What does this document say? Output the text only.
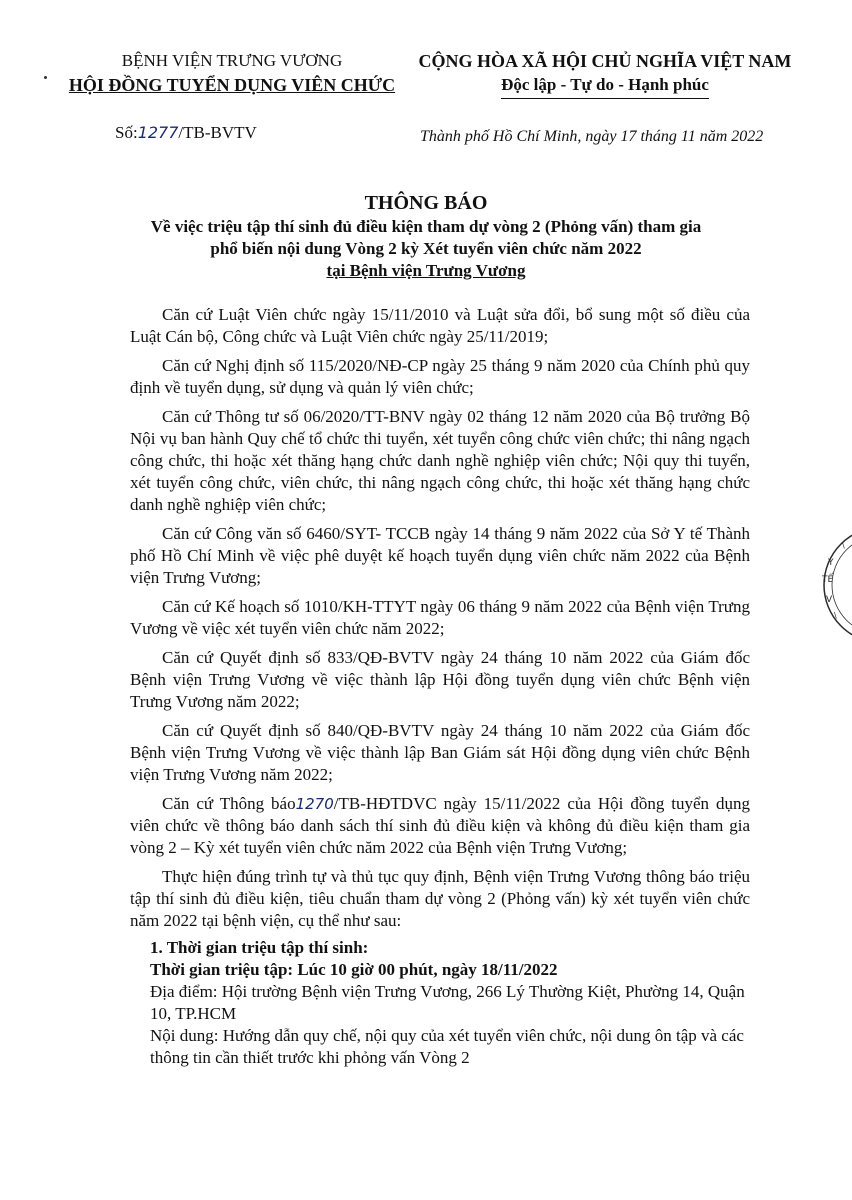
BỆNH VIỆN TRƯNG VƯƠNG
HỘI ĐỒNG TUYỂN DỤNG VIÊN CHỨC
CỘNG HÒA XÃ HỘI CHỦ NGHĨA VIỆT NAM
Độc lập - Tự do - Hạnh phúc
Số:1277/TB-BVTV	Thành phố Hồ Chí Minh, ngày 17 tháng 11 năm 2022
THÔNG BÁO
Về việc triệu tập thí sinh đủ điều kiện tham dự vòng 2 (Phỏng vấn) tham gia
phổ biến nội dung Vòng 2 kỳ Xét tuyển viên chức năm 2022
tại Bệnh viện Trưng Vương

Căn cứ Luật Viên chức ngày 15/11/2010 và Luật sửa đổi, bổ sung một số điều của Luật Cán bộ, Công chức và Luật Viên chức ngày 25/11/2019;

Căn cứ Nghị định số 115/2020/NĐ-CP ngày 25 tháng 9 năm 2020 của Chính phủ quy định về tuyển dụng, sử dụng và quản lý viên chức;

Căn cứ Thông tư số 06/2020/TT-BNV ngày 02 tháng 12 năm 2020 của Bộ trưởng Bộ Nội vụ ban hành Quy chế tổ chức thi tuyển, xét tuyển công chức viên chức; thi nâng ngạch công chức, thi hoặc xét thăng hạng chức danh nghề nghiệp viên chức; Nội quy thi tuyển, xét tuyển công chức, viên chức, thi nâng ngạch công chức, thi hoặc xét thăng hạng chức danh nghề nghiệp viên chức;

Căn cứ Công văn số 6460/SYT- TCCB ngày 14 tháng 9 năm 2022 của Sở Y tế Thành phố Hồ Chí Minh về việc phê duyệt kế hoạch tuyển dụng viên chức năm 2022 của Bệnh viện Trưng Vương;

Căn cứ Kế hoạch số 1010/KH-TTYT ngày 06 tháng 9 năm 2022 của Bệnh viện Trưng Vương về việc xét tuyển viên chức năm 2022;

Căn cứ Quyết định số 833/QĐ-BVTV ngày 24 tháng 10 năm 2022 của Giám đốc Bệnh viện Trưng Vương về việc thành lập Hội đồng tuyển dụng viên chức Bệnh viện Trưng Vương năm 2022;

Căn cứ Quyết định số 840/QĐ-BVTV ngày 24 tháng 10 năm 2022 của Giám đốc Bệnh viện Trưng Vương về việc thành lập Ban Giám sát Hội đồng dụng viên chức Bệnh viện Trưng Vương năm 2022;

Căn cứ Thông báo1270/TB-HĐTDVC ngày 15/11/2022 của Hội đồng tuyển dụng viên chức về thông báo danh sách thí sinh đủ điều kiện và không đủ điều kiện tham gia vòng 2 – Kỳ xét tuyển viên chức năm 2022 của Bệnh viện Trưng Vương;

Thực hiện đúng trình tự và thủ tục quy định, Bệnh viện Trưng Vương thông báo triệu tập thí sinh đủ điều kiện, tiêu chuẩn tham dự vòng 2 (Phỏng vấn) kỳ xét tuyển viên chức năm 2022 tại bệnh viện, cụ thể như sau:

1. Thời gian triệu tập thí sinh:
Thời gian triệu tập: Lúc 10 giờ 00 phút, ngày 18/11/2022
Địa điểm: Hội trường Bệnh viện Trưng Vương, 266 Lý Thường Kiệt, Phường 14, Quận 10, TP.HCM
Nội dung: Hướng dẫn quy chế, nội quy của xét tuyển viên chức, nội dung ôn tập và các thông tin cần thiết trước khi phỏng vấn Vòng 2
Y
TẾ
V
\
\
